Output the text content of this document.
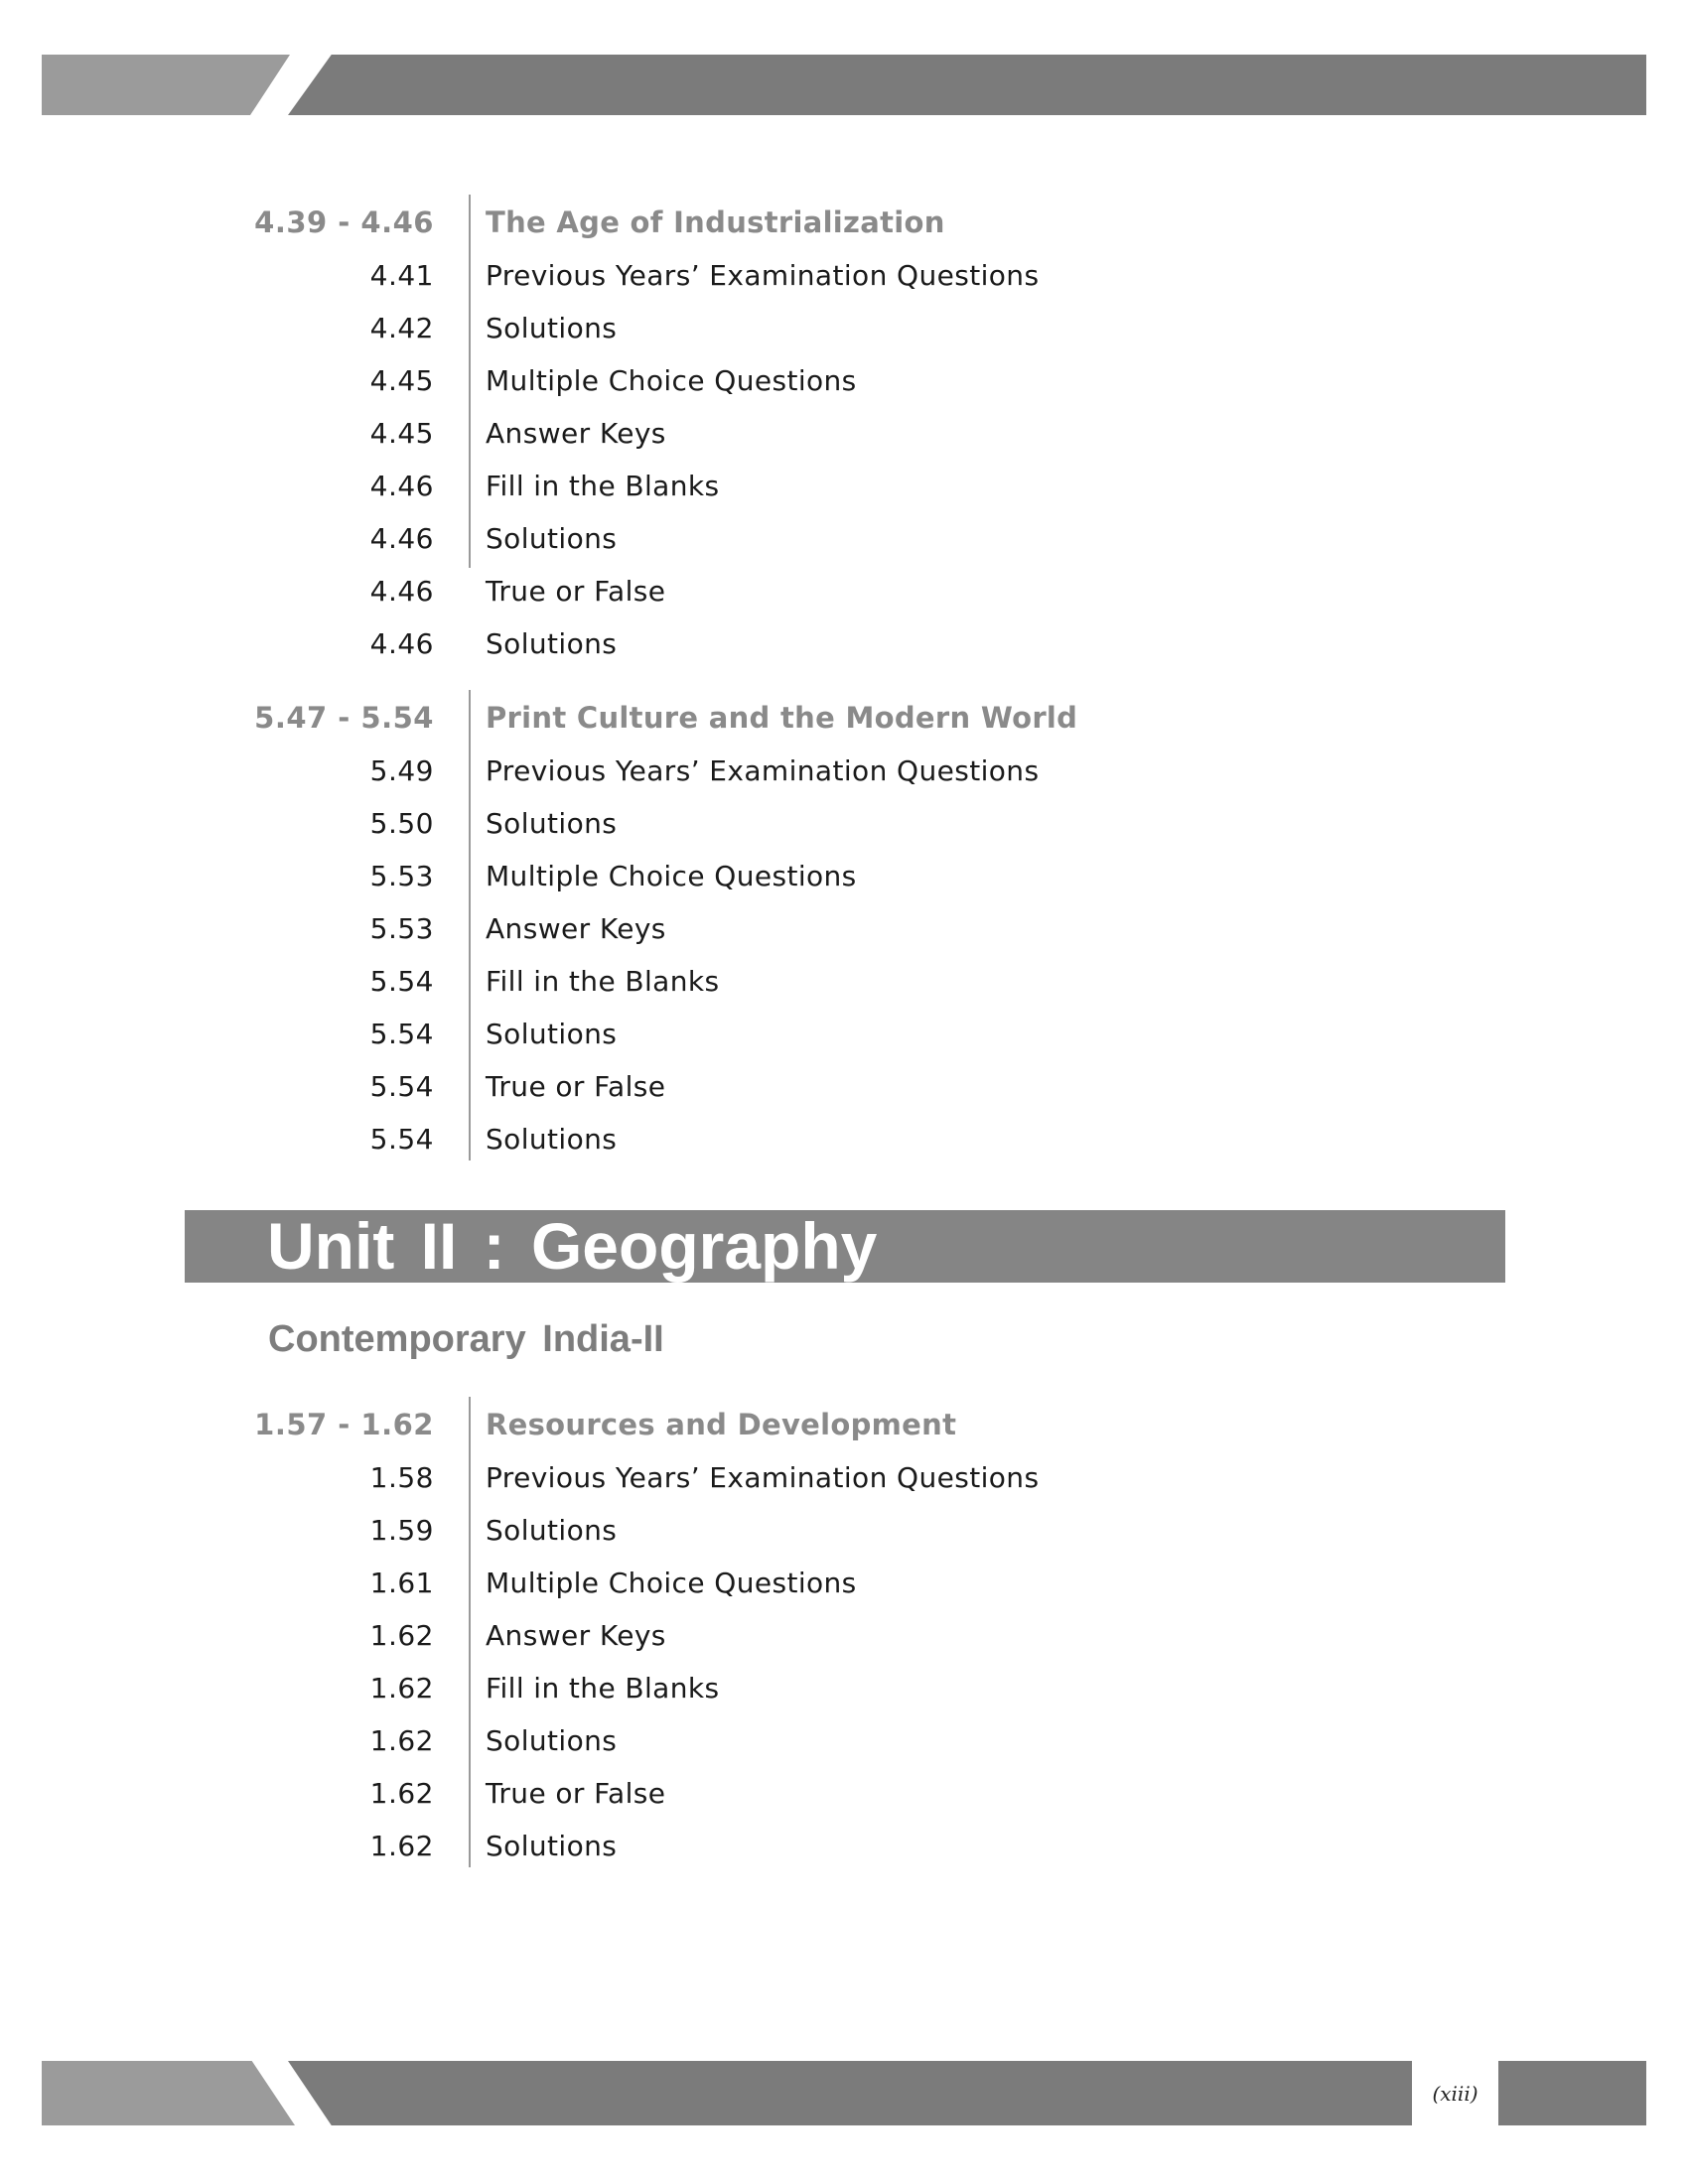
4.39 - 4.46 The Age of Industrialization
4.41 Previous Years’ Examination Questions
4.42 Solutions
4.45 Multiple Choice Questions
4.45 Answer Keys
4.46 Fill in the Blanks
4.46 Solutions
4.46 True or False
4.46 Solutions
5.47 - 5.54 Print Culture and the Modern World
5.49 Previous Years’ Examination Questions
5.50 Solutions
5.53 Multiple Choice Questions
5.53 Answer Keys
5.54 Fill in the Blanks
5.54 Solutions
5.54 True or False
5.54 Solutions
Unit II : Geography
Contemporary India-II
1.57 - 1.62 Resources and Development
1.58 Previous Years’ Examination Questions
1.59 Solutions
1.61 Multiple Choice Questions
1.62 Answer Keys
1.62 Fill in the Blanks
1.62 Solutions
1.62 True or False
1.62 Solutions
(xiii)
